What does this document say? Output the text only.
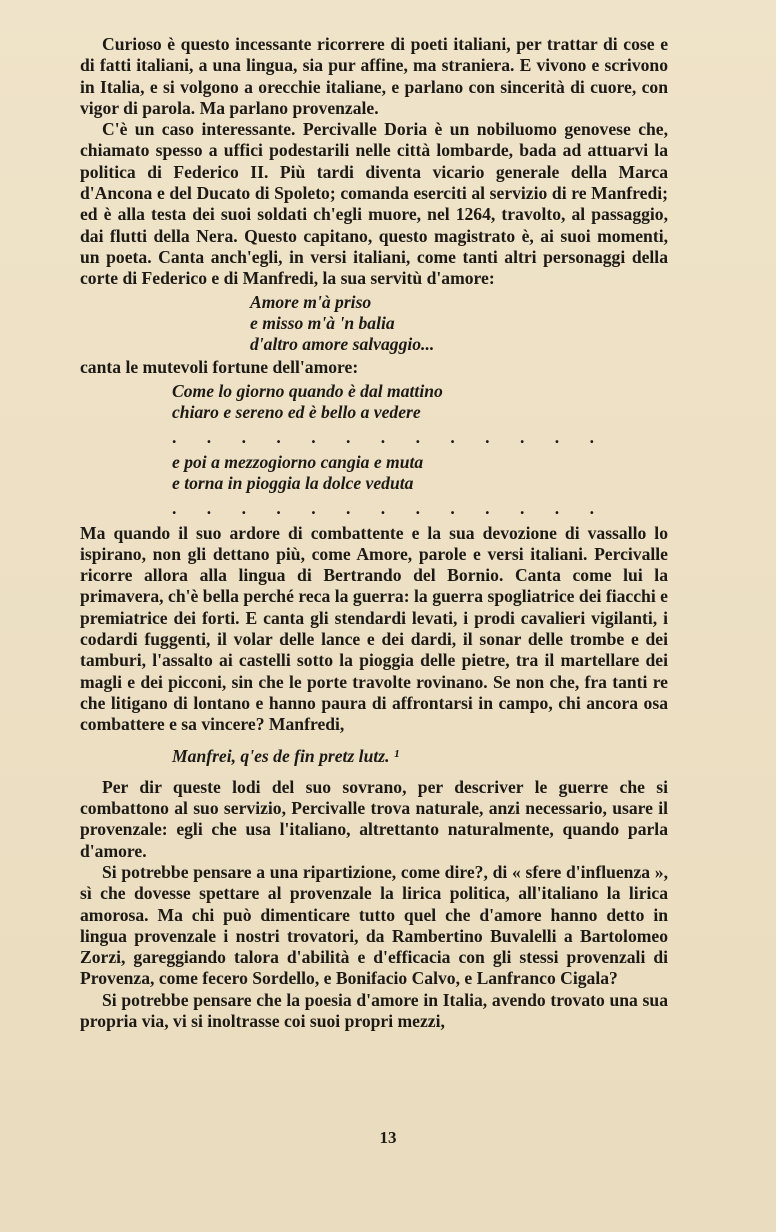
Curioso è questo incessante ricorrere di poeti italiani, per trattar di cose e di fatti italiani, a una lingua, sia pur affine, ma straniera. E vivono e scrivono in Italia, e si volgono a orecchie italiane, e parlano con sincerità di cuore, con vigor di parola. Ma parlano provenzale.

C'è un caso interessante. Percivalle Doria è un nobiluomo genovese che, chiamato spesso a uffici podestarili nelle città lombarde, bada ad attuarvi la politica di Federico II. Più tardi diventa vicario generale della Marca d'Ancona e del Ducato di Spoleto; comanda eserciti al servizio di re Manfredi; ed è alla testa dei suoi soldati ch'egli muore, nel 1264, travolto, al passaggio, dai flutti della Nera. Questo capitano, questo magistrato è, ai suoi momenti, un poeta. Canta anch'egli, in versi italiani, come tanti altri personaggi della corte di Federico e di Manfredi, la sua servitù d'amore:

Amore m'à priso
e misso m'à 'n balia
d'altro amore salvaggio...

canta le mutevoli fortune dell'amore:

Come lo giorno quando è dal mattino
chiaro e sereno ed è bello a vedere
. . . . . . . . . . . . .
e poi a mezzogiorno cangia e muta
e torna in pioggia la dolce veduta
. . . . . . . . . . . . .

Ma quando il suo ardore di combattente e la sua devozione di vassallo lo ispirano, non gli dettano più, come Amore, parole e versi italiani. Percivalle ricorre allora alla lingua di Bertrando del Bornio. Canta come lui la primavera, ch'è bella perché reca la guerra: la guerra spogliatrice dei fiacchi e premiatrice dei forti. E canta gli stendardi levati, i prodi cavalieri vigilanti, i codardi fuggenti, il volar delle lance e dei dardi, il sonar delle trombe e dei tamburi, l'assalto ai castelli sotto la pioggia delle pietre, tra il martellare dei magli e dei picconi, sin che le porte travolte rovinano. Se non che, fra tanti re che litigano di lontano e hanno paura di affrontarsi in campo, chi ancora osa combattere e sa vincere? Manfredi,

Manfrei, q'es de fin pretz lutz. ¹

Per dir queste lodi del suo sovrano, per descriver le guerre che si combattono al suo servizio, Percivalle trova naturale, anzi necessario, usare il provenzale: egli che usa l'italiano, altrettanto naturalmente, quando parla d'amore.

Si potrebbe pensare a una ripartizione, come dire?, di « sfere d'influenza », sì che dovesse spettare al provenzale la lirica politica, all'italiano la lirica amorosa. Ma chi può dimenticare tutto quel che d'amore hanno detto in lingua provenzale i nostri trovatori, da Rambertino Buvalelli a Bartolomeo Zorzi, gareggiando talora d'abilità e d'efficacia con gli stessi provenzali di Provenza, come fecero Sordello, e Bonifacio Calvo, e Lanfranco Cigala?

Si potrebbe pensare che la poesia d'amore in Italia, avendo trovato una sua propria via, vi si inoltrasse coi suoi propri mezzi,

13
